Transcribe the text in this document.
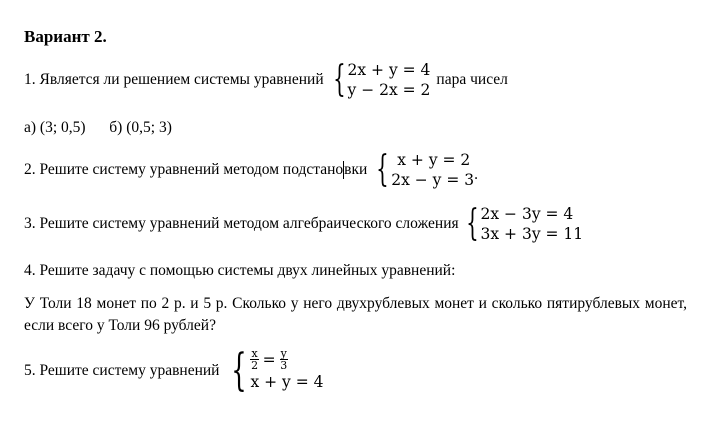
Вариант 2.
1. Является ли решением системы уравнений { 2x + y = 4
y − 2x = 2
пара чисел
а) (3; 0,5) б) (0,5; 3)
2. Решите систему уравнений методом подстано вки { x + y = 2
2x − y = 3 .
3. Решите систему уравнений методом алгебраического сложения { 2x − 3y = 4
3x + 3y = 11
4. Решите задачу с помощью системы двух линейных уравнений:
У Толи 18 монет по 2 р. и 5 р. Сколько у него двухрублевых монет и сколько пятирублевых монет, если всего у Толи 96 рублей?
5. Решите систему уравнений { $\frac{x}{2} = \frac{y}{3}$
x + y = 4
